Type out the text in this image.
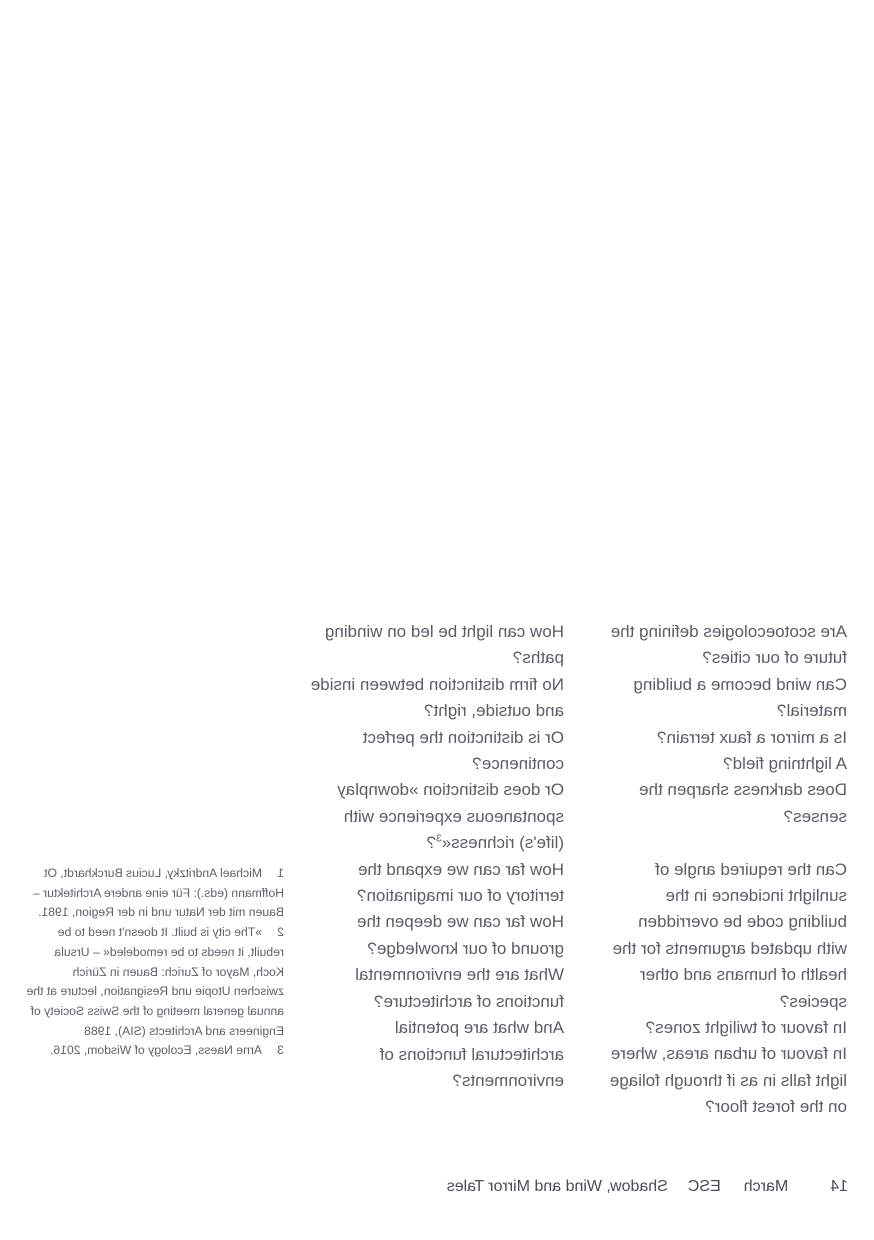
Are scotoecologies defining the future of our cities?

Can wind become a building material?

Is a mirror a faux terrain?

A lightning field?

Does darkness sharpen the senses?

Can the required angle of sunlight incidence in the building code be overridden with updated arguments for the health of humans and other species?

In favour of twilight zones?

In favour of urban areas, where light falls in as if through foliage on the forest floor?

How can light be led on winding paths?

No firm distinction between inside and outside, right?

Or is distinction the perfect continence?

Or does distinction »downplay spontaneous experience with (life's) richness«$^3$?

How far can we expand the territory of our imagination?

How far can we deepen the ground of our knowledge?

What are the environmental functions of architecture?

And what are potential architectural functions of environments?

1Michael Andritzky, Lucius Burckhardt, Ot Hoffmann (eds.): Für eine andere Architektur – Bauen mit der Natur und in der Region, 1981.

2»The city is built. It doesn't need to be rebuilt, it needs to be remodeled« – Ursula Koch, Mayor of Zurich: Bauen in Zürich zwischen Utopie und Resignation, lecture at the annual general meeting of the Swiss Society of Engineers and Architects (SIA), 1988

3Arne Naess, Ecology of Wisdom, 2016.

14MarchESCShadow, Wind and Mirror Tales
